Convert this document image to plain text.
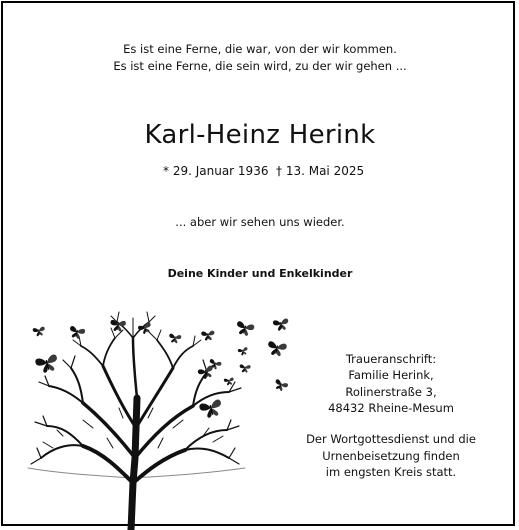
Es ist eine Ferne, die war, von der wir kommen.
Es ist eine Ferne, die sein wird, zu der wir gehen ...
Karl-Heinz Herink
* 29. Januar 1936 † 13. Mai 2025
... aber wir sehen uns wieder.
Deine Kinder und Enkelkinder
Traueranschrift:
Familie Herink,
Rolinerstraße 3,
48432 Rheine-Mesum
Der Wortgottesdienst und die
Urnenbeisetzung finden
im engsten Kreis statt.
